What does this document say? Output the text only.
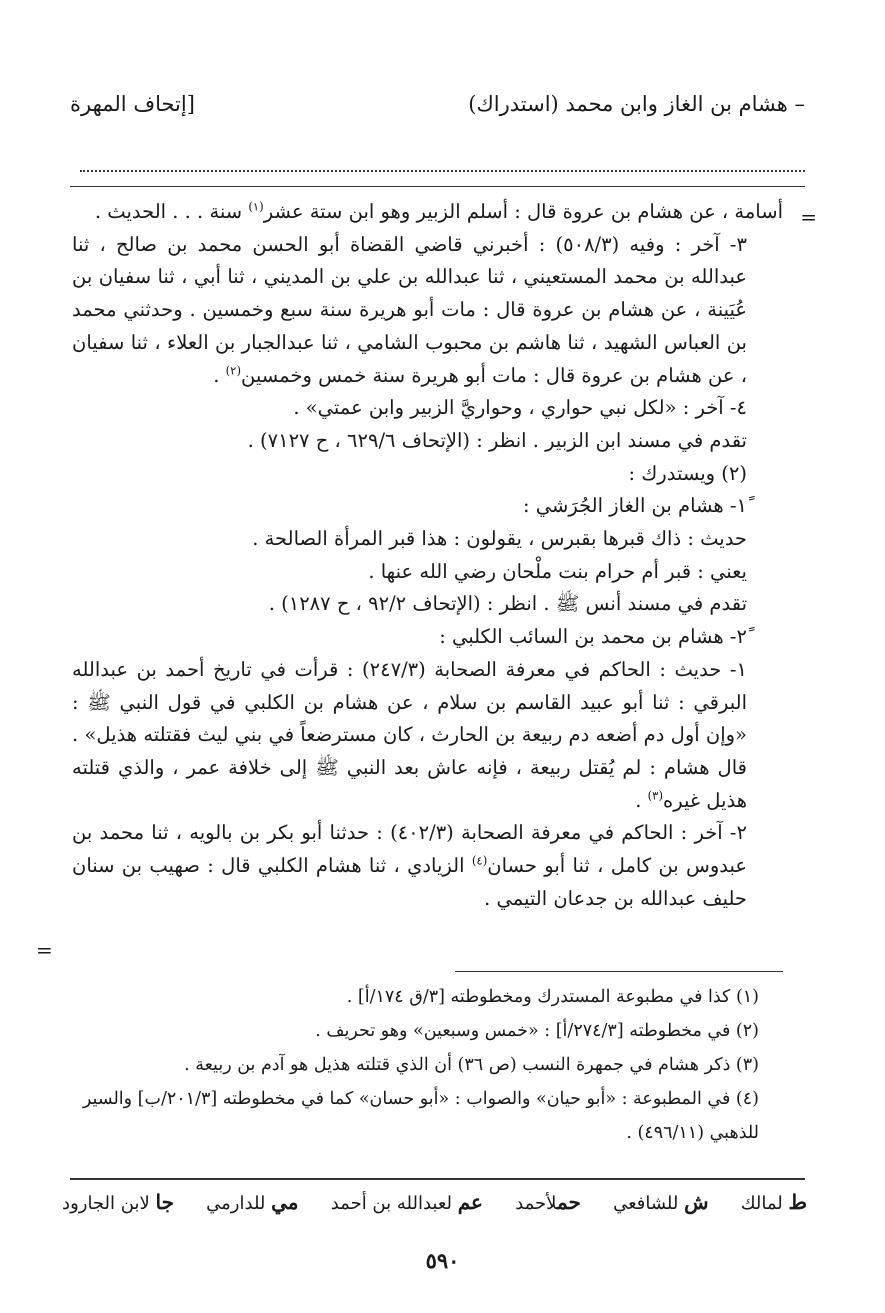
– هشام بن الغاز وابن محمد (استدراك)
[إتحاف المهرة
=
=

أسامة ، عن هشام بن عروة قال : أسلم الزبير وهو ابن ستة عشر$^{(١)}$ سنة . . . الحديث .

٣- آخر : وفيه (٥٠٨/٣) : أخبرني قاضي القضاة أبو الحسن محمد بن صالح ، ثنا عبدالله بن محمد المستعيني ، ثنا عبدالله بن علي بن المديني ، ثنا أبي ، ثنا سفيان بن عُيَينة ، عن هشام بن عروة قال : مات أبو هريرة سنة سبع وخمسين . وحدثني محمد بن العباس الشهيد ، ثنا هاشم بن محبوب الشامي ، ثنا عبدالجبار بن العلاء ، ثنا سفيان ، عن هشام بن عروة قال : مات أبو هريرة سنة خمس وخمسين$^{(٢)}$ .

٤- آخر : «لكل نبي حواري ، وحواريَّ الزبير وابن عمتي» .

تقدم في مسند ابن الزبير . انظر : (الإتحاف ٦٢٩/٦ ، ح ٧١٢٧) .

(٢) ويستدرك :

١ً- هشام بن الغاز الجُرَشي :

حديث : ذاك قبرها بقبرس ، يقولون : هذا قبر المرأة الصالحة .

يعني : قبر أم حرام بنت ملْحان رضي الله عنها .

تقدم في مسند أنس ﷺ . انظر : (الإتحاف ٩٢/٢ ، ح ١٢٨٧) .

٢ً- هشام بن محمد بن السائب الكلبي :

١- حديث : الحاكم في معرفة الصحابة (٢٤٧/٣) : قرأت في تاريخ أحمد بن عبدالله البرقي : ثنا أبو عبيد القاسم بن سلام ، عن هشام بن الكلبي في قول النبي ﷺ : «وإن أول دم أضعه دم ربيعة بن الحارث ، كان مسترضعاً في بني ليث فقتلته هذيل» . قال هشام : لم يُقتل ربيعة ، فإنه عاش بعد النبي ﷺ إلى خلافة عمر ، والذي قتلته هذيل غيره$^{(٣)}$ .

٢- آخر : الحاكم في معرفة الصحابة (٤٠٢/٣) : حدثنا أبو بكر بن بالويه ، ثنا محمد بن عبدوس بن كامل ، ثنا أبو حسان$^{(٤)}$ الزيادي ، ثنا هشام الكلبي قال : صهيب بن سنان حليف عبدالله بن جدعان التيمي .

(١) كذا في مطبوعة المستدرك ومخطوطته [٣/ق ١٧٤/أ] .

(٢) في مخطوطته [٢٧٤/٣/أ] : «خمس وسبعين» وهو تحريف .

(٣) ذكر هشام في جمهرة النسب (ص ٣٦) أن الذي قتلته هذيل هو آدم بن ربيعة .

(٤) في المطبوعة : «أبو حيان» والصواب : «أبو حسان» كما في مخطوطته [٢٠١/٣/ب] والسير للذهبي (٤٩٦/١١) .

ط لمالك
ش للشافعي
حملأحمد
عم لعبدالله بن أحمد
مي للدارمي
جا لابن الجارود
٥٩٠
